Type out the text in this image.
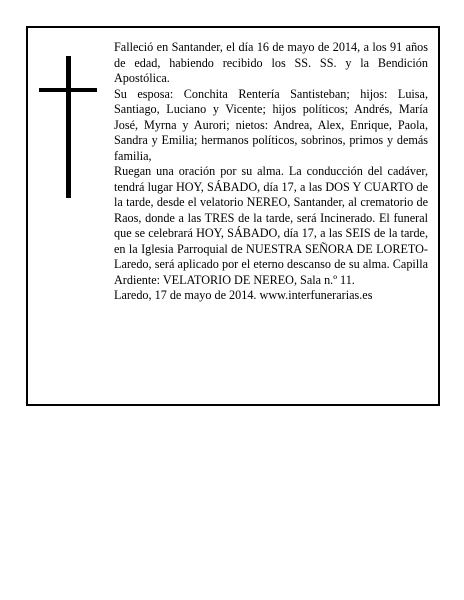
Falleció en Santander, el día 16 de mayo de 2014, a los 91 años de edad, habiendo recibido los SS. SS. y la Bendición Apostólica.

Su esposa: Conchita Rentería Santisteban; hijos: Luisa, Santiago, Luciano y Vicente; hijos políticos; Andrés, María José, Myrna y Aurori; nietos: Andrea, Alex, Enrique, Paola, Sandra y Emilia; hermanos políticos, sobrinos, primos y demás familia,

Ruegan una oración por su alma. La conducción del cadáver, tendrá lugar HOY, SÁBADO, día 17, a las DOS Y CUARTO de la tarde, desde el velatorio NEREO, Santander, al crematorio de Raos, donde a las TRES de la tarde, será Incinerado. El funeral que se celebrará HOY, SÁBADO, día 17, a las SEIS de la tarde, en la Iglesia Parroquial de NUESTRA SEÑORA DE LORETO-Laredo, será aplicado por el eterno descanso de su alma. Capilla Ardiente: VELATORIO DE NEREO, Sala n.º 11.

Laredo, 17 de mayo de 2014. www.interfunerarias.es
